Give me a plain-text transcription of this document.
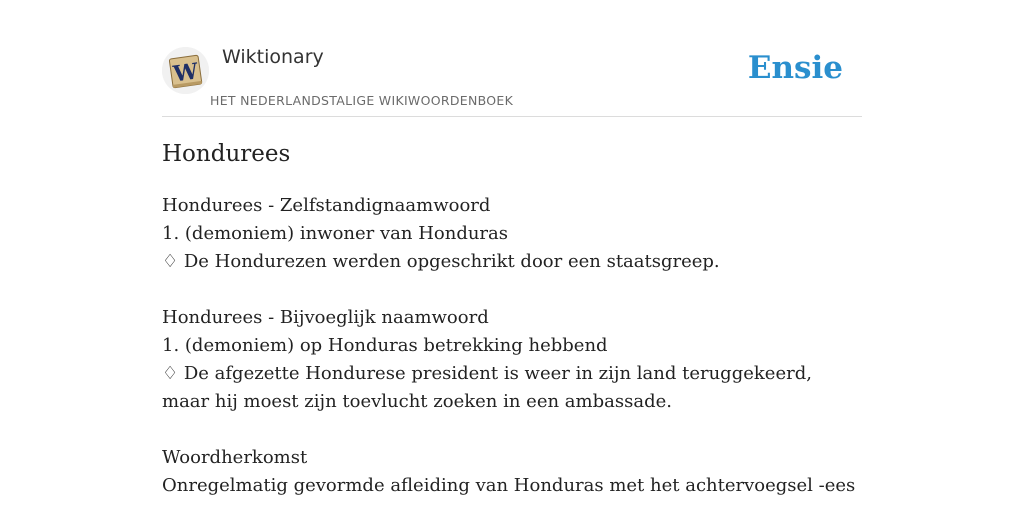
W
Wiktionary
HET NEDERLANDSTALIGE WIKIWOORDENBOEK
Ensie
Hondurees
Hondurees - Zelfstandignaamwoord
1. (demoniem) inwoner van Honduras
♢ De Hondurezen werden opgeschrikt door een staatsgreep.
Hondurees - Bijvoeglijk naamwoord
1. (demoniem) op Honduras betrekking hebbend
♢ De afgezette Hondurese president is weer in zijn land teruggekeerd, maar hij moest zijn toevlucht zoeken in een ambassade.
Woordherkomst
Onregelmatig gevormde afleiding van Honduras met het achtervoegsel -ees
